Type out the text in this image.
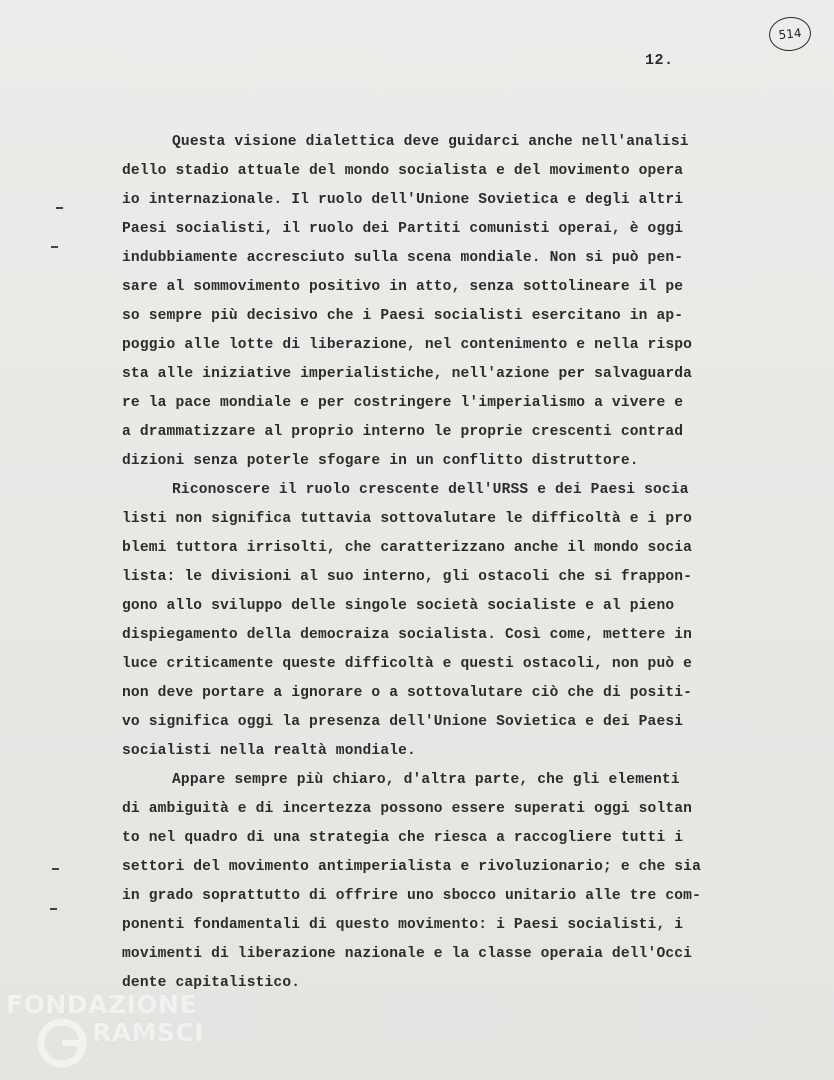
514
12.
Questa visione dialettica deve guidarci anche nell'analisi
dello stadio attuale del mondo socialista e del movimento opera
io internazionale. Il ruolo dell'Unione Sovietica e degli altri
Paesi socialisti, il ruolo dei Partiti comunisti operai, è oggi
indubbiamente accresciuto sulla scena mondiale. Non si può pen-
sare al sommovimento positivo in atto, senza sottolineare il pe
so sempre più decisivo che i Paesi socialisti esercitano in ap-
poggio alle lotte di liberazione, nel contenimento e nella rispo
sta alle iniziative imperialistiche, nell'azione per salvaguarda
re la pace mondiale e per costringere l'imperialismo a vivere e
a drammatizzare al proprio interno le proprie crescenti contrad
dizioni senza poterle sfogare in un conflitto distruttore.
Riconoscere il ruolo crescente dell'URSS e dei Paesi socia
listi non significa tuttavia sottovalutare le difficoltà e i pro
blemi tuttora irrisolti, che caratterizzano anche il mondo socia
lista: le divisioni al suo interno, gli ostacoli che si frappon-
gono allo sviluppo delle singole società socialiste e al pieno
dispiegamento della democraiza socialista. Così come, mettere in
luce criticamente queste difficoltà e questi ostacoli, non può e
non deve portare a ignorare o a sottovalutare ciò che di positi-
vo significa oggi la presenza dell'Unione Sovietica e dei Paesi
socialisti nella realtà mondiale.
Appare sempre più chiaro, d'altra parte, che gli elementi
di ambiguità e di incertezza possono essere superati oggi soltan
to nel quadro di una strategia che riesca a raccogliere tutti i
settori del movimento antimperialista e rivoluzionario; e che sia
in grado soprattutto di offrire uno sbocco unitario alle tre com-
ponenti fondamentali di questo movimento: i Paesi socialisti, i
movimenti di liberazione nazionale e la classe operaia dell'Occi
dente capitalistico.
FONDAZIONE
RAMSCI
